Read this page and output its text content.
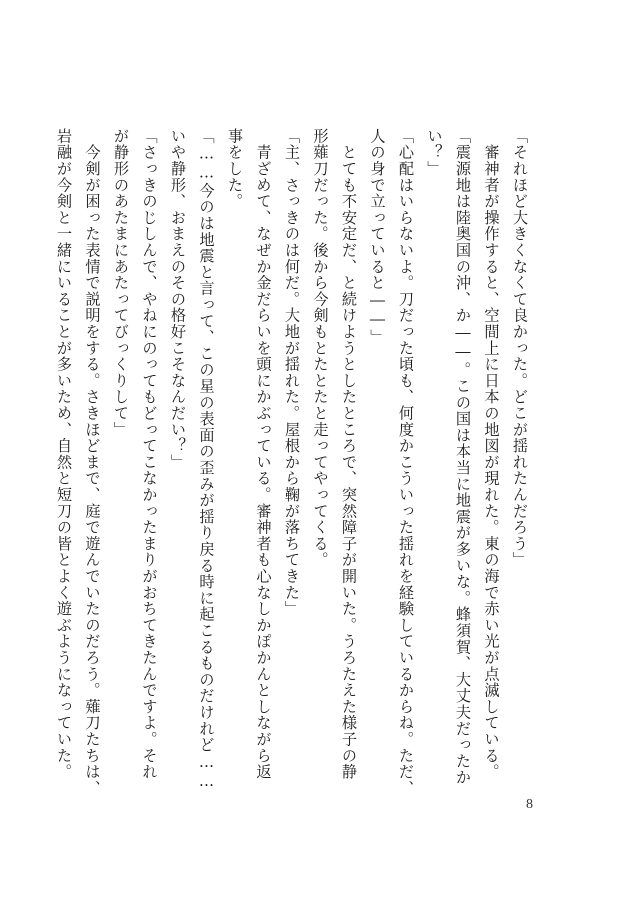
「それほど大きくなくて良かった。どこが揺れたんだろう」
　審神者が操作すると、空間上に日本の地図が現れた。東の海で赤い光が点滅している。
「震源地は陸奥国の沖、か――。この国は本当に地震が多いな。蜂須賀、大丈夫だったか
い？」
「心配はいらないよ。刀だった頃も、何度かこういった揺れを経験しているからね。ただ、
人の身で立っていると――」
　とても不安定だ、と続けようとしたところで、突然障子が開いた。うろたえた様子の静
形薙刀だった。後から今剣もとたとたと走ってやってくる。
「主、さっきのは何だ。大地が揺れた。屋根から鞠が落ちてきた」
　青ざめて、なぜか金だらいを頭にかぶっている。審神者も心なしかぽかんとしながら返
事をした。
「……今のは地震と言って、この星の表面の歪みが揺り戻る時に起こるものだけれど……
いや静形、おまえのその格好こそなんだい？」
「さっきのじしんで、やねにのってもどってこなかったまりがおちてきたんですよ。それ
が静形のあたまにあたってびっくりして」
　今剣が困った表情で説明をする。さきほどまで、庭で遊んでいたのだろう。薙刀たちは、
岩融が今剣と一緒にいることが多いため、自然と短刀の皆とよく遊ぶようになっていた。
8
